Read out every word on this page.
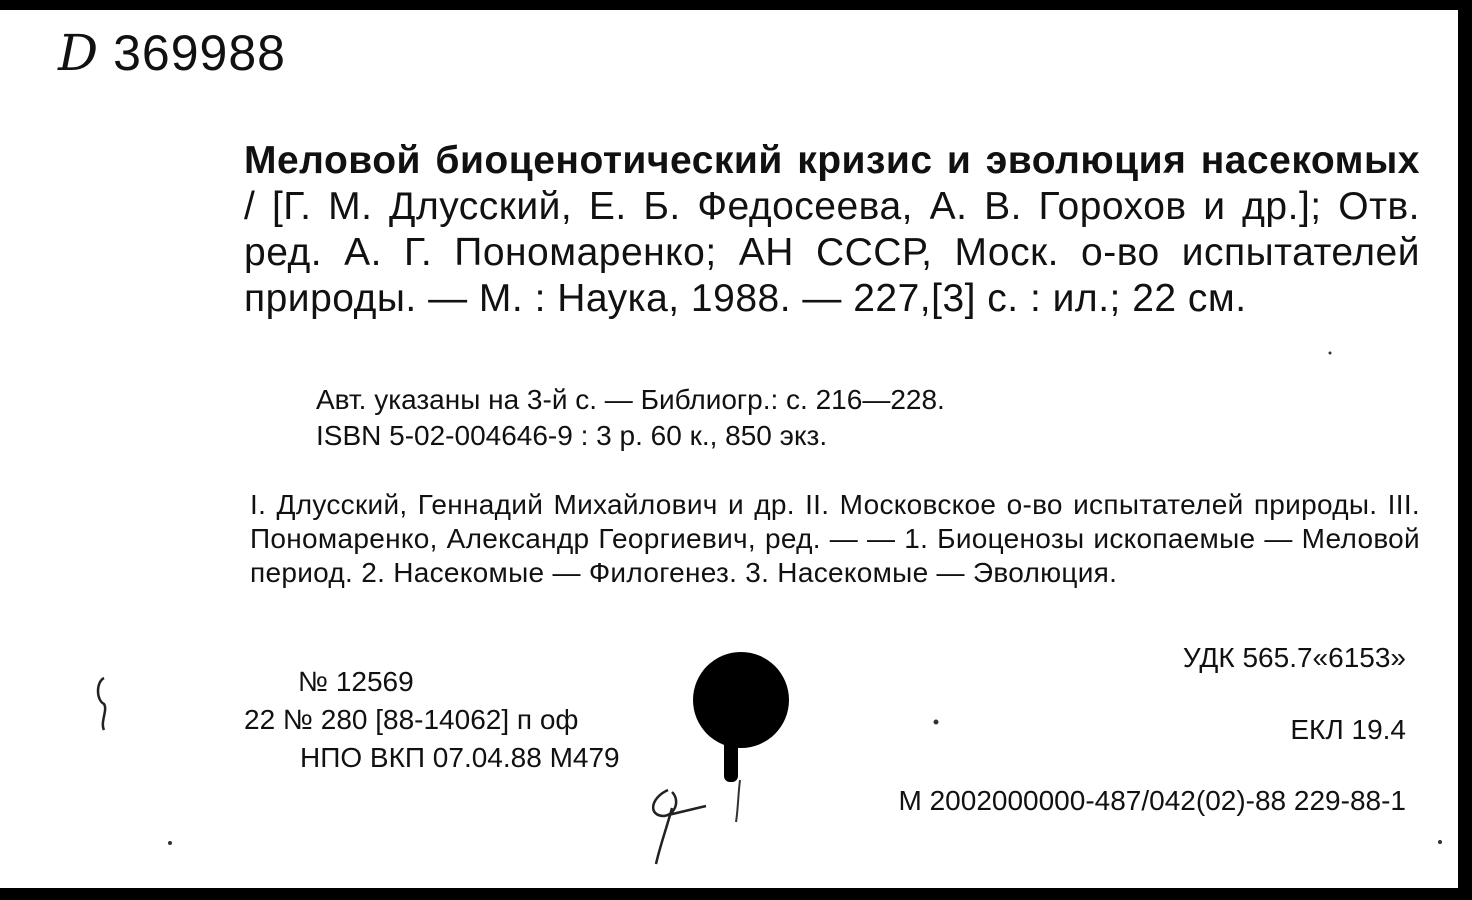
D 369988
Меловой биоценотический кризис и эволюция насекомых / [Г. М. Длусский, Е. Б. Федосеева, А. В. Горохов и др.]; Отв. ред. А. Г. Пономаренко; АН СССР, Моск. о-во испытателей природы. — М. : Наука, 1988. — 227,[3] с. : ил.; 22 см.
Авт. указаны на 3-й с. — Библиогр.: с. 216—228.
ISBN 5-02-004646-9 : 3 р. 60 к., 850 экз.
I. Длусский, Геннадий Михайлович и др. II. Московское о-во испытателей природы. III. Пономаренко, Александр Георгиевич, ред. — — 1. Биоценозы ископаемые — Меловой период. 2. Насекомые — Филогенез. 3. Насекомые — Эволюция.
УДК 565.7«6153»
ЕКЛ 19.4
М 2002000000-487/042(02)-88 229-88-1
№ 12569
22 № 280 [88-14062] п оф
НПО ВКП 07.04.88 М479
